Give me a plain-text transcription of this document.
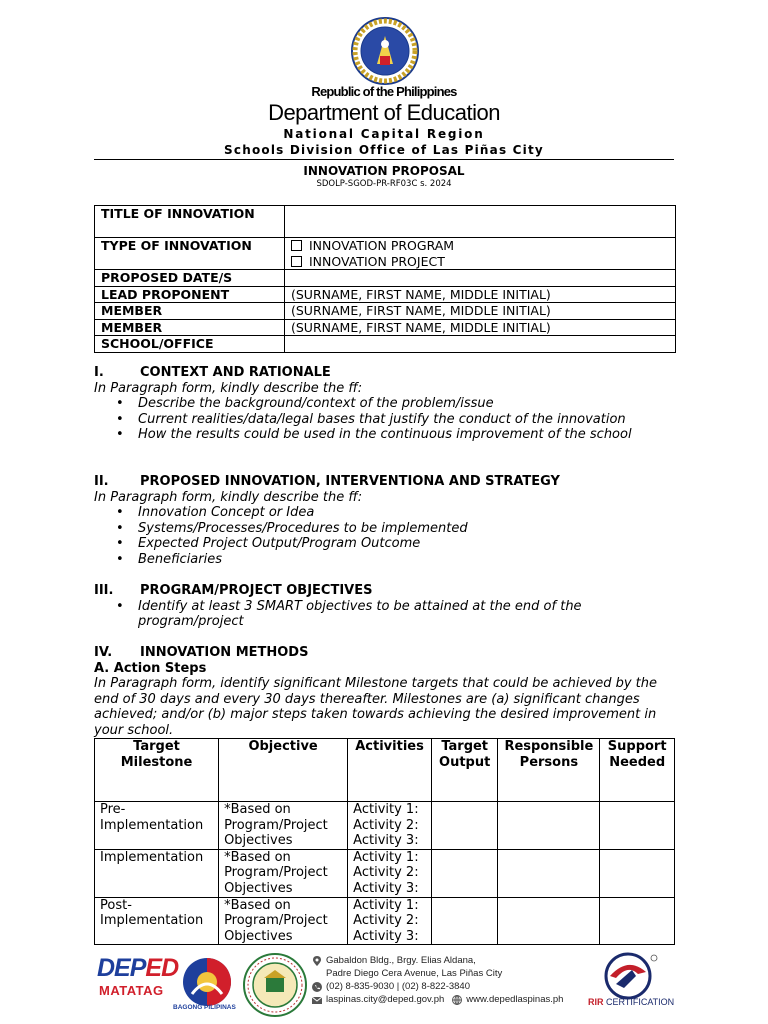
Republic of the Philippines
Department of Education
National Capital Region
Schools Division Office of Las Piñas City
INNOVATION PROPOSAL
SDOLP-SGOD-PR-RF03C s. 2024
TITLE OF INNOVATION	
TYPE OF INNOVATION	INNOVATION PROGRAM
INNOVATION PROJECT

PROPOSED DATE/S	
LEAD PROPONENT	(SURNAME, FIRST NAME, MIDDLE INITIAL)
MEMBER	(SURNAME, FIRST NAME, MIDDLE INITIAL)
MEMBER	(SURNAME, FIRST NAME, MIDDLE INITIAL)
SCHOOL/OFFICE	
I.	CONTEXT AND RATIONALE
In Paragraph form, kindly describe the ff:
•	Describe the background/context of the problem/issue
•	Current realities/data/legal bases that justify the conduct of the innovation
•	How the results could be used in the continuous improvement of the school
II.	PROPOSED INNOVATION, INTERVENTIONA AND STRATEGY
In Paragraph form, kindly describe the ff:
•	Innovation Concept or Idea
•	Systems/Processes/Procedures to be implemented
•	Expected Project Output/Program Outcome
•	Beneficiaries
III.	PROGRAM/PROJECT OBJECTIVES
•	Identify at least 3 SMART objectives to be attained at the end of the program/project
IV.	INNOVATION METHODS
A. Action Steps
In Paragraph form, identify significant Milestone targets that could be achieved by the end of 30 days and every 30 days thereafter. Milestones are (a) significant changes achieved; and/or (b) major steps taken towards achieving the desired improvement in your school.
Target Milestone	Objective	Activities	Target Output	Responsible Persons	Support Needed
Pre-Implementation	*Based on Program/Project Objectives	Activity 1:
Activity 2:
Activity 3:			

Implementation	*Based on Program/Project Objectives	Activity 1:
Activity 2:
Activity 3:			

Post-Implementation	*Based on Program/Project Objectives	Activity 1:
Activity 2:
Activity 3:			

DEPED
MATATAG
BAGONG PILIPINAS
Gabaldon Bldg., Brgy. Elias Aldana,
Padre Diego Cera Avenue, Las Piñas City
(02) 8-835-9030 | (02) 8-822-3840
laspinas.city@deped.gov.ph www.depedlaspinas.ph	RIR CERTIFICATION
